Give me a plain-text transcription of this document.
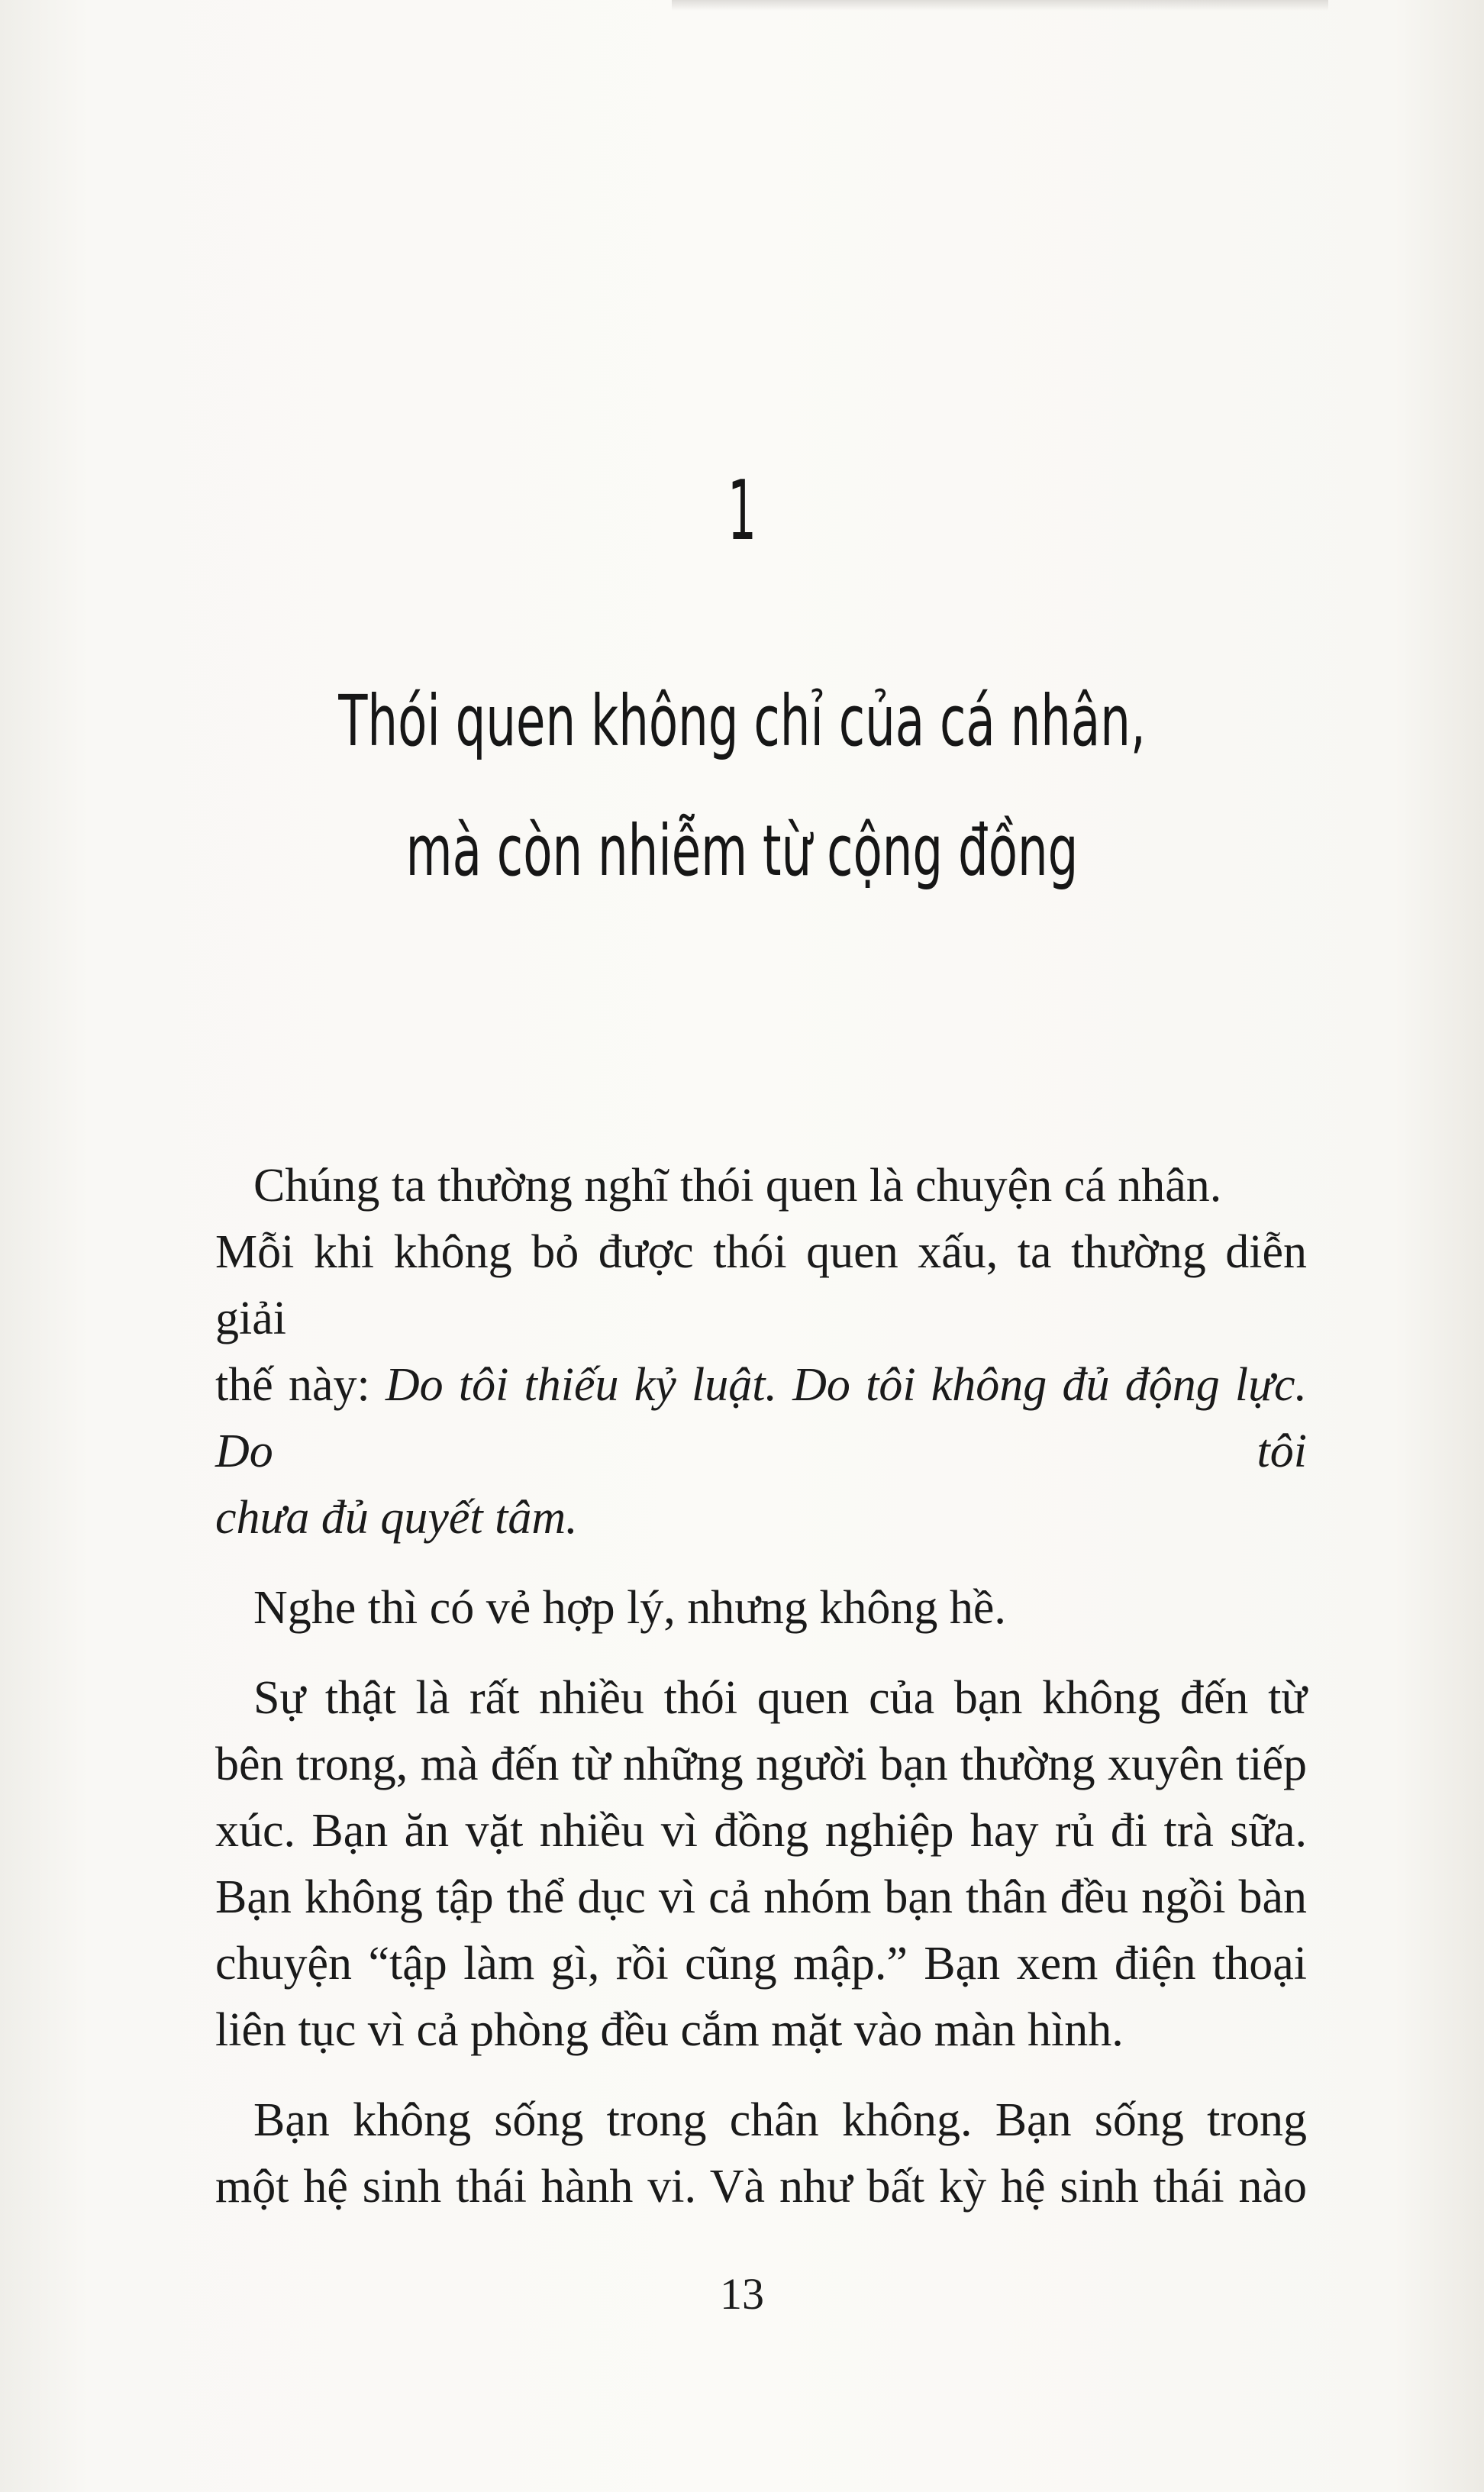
1
Thói quen không chỉ của cá nhân,
mà còn nhiễm từ cộng đồng
Chúng ta thường nghĩ thói quen là chuyện cá nhân.
Mỗi khi không bỏ được thói quen xấu, ta thường diễn giải
thế này: Do tôi thiếu kỷ luật. Do tôi không đủ động lực. Do tôi
chưa đủ quyết tâm.
Nghe thì có vẻ hợp lý, nhưng không hề.
Sự thật là rất nhiều thói quen của bạn không đến từ
bên trong, mà đến từ những người bạn thường xuyên tiếp
xúc. Bạn ăn vặt nhiều vì đồng nghiệp hay rủ đi trà sữa.
Bạn không tập thể dục vì cả nhóm bạn thân đều ngồi bàn
chuyện “tập làm gì, rồi cũng mập.” Bạn xem điện thoại
liên tục vì cả phòng đều cắm mặt vào màn hình.
Bạn không sống trong chân không. Bạn sống trong
một hệ sinh thái hành vi. Và như bất kỳ hệ sinh thái nào
13
